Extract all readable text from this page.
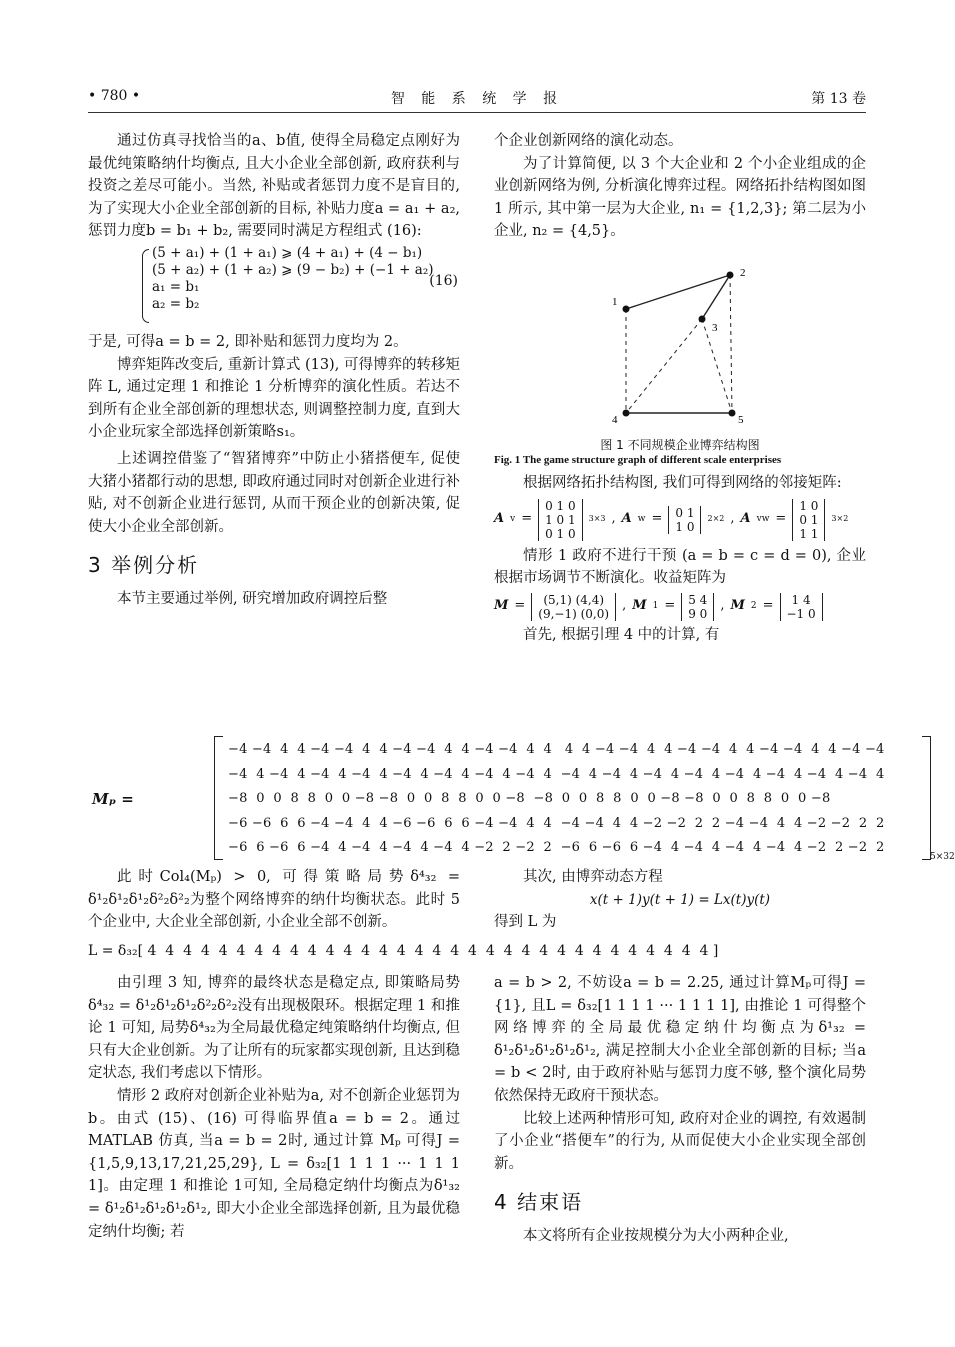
• 780 •	智 能 系 统 学 报	第 13 卷

通过仿真寻找恰当的a、b值, 使得全局稳定点刚好为最优纯策略纳什均衡点, 且大小企业全部创新, 政府获利与投资之差尽可能小。当然, 补贴或者惩罚力度不是盲目的, 为了实现大小企业全部创新的目标, 补贴力度a = a₁ + a₂, 惩罚力度b = b₁ + b₂, 需要同时满足方程组式 (16):

(5 + a₁) + (1 + a₁) ⩾ (4 + a₁) + (4 − b₁)
(5 + a₂) + (1 + a₂) ⩾ (9 − b₂) + (−1 + a₂)
a₁ = b₁
a₂ = b₂
(16)

于是, 可得a = b = 2, 即补贴和惩罚力度均为 2。

博弈矩阵改变后, 重新计算式 (13), 可得博弈的转移矩阵 L, 通过定理 1 和推论 1 分析博弈的演化性质。若达不到所有企业全部创新的理想状态, 则调整控制力度, 直到大小企业玩家全部选择创新策略s₁。

上述调控借鉴了“智猪博弈”中防止小猪搭便车, 促使大猪小猪都行动的思想, 即政府通过同时对创新企业进行补贴, 对不创新企业进行惩罚, 从而干预企业的创新决策, 促使大小企业全部创新。

3 举例分析

本节主要通过举例, 研究增加政府调控后整

个企业创新网络的演化动态。

为了计算简便, 以 3 个大企业和 2 个小企业组成的企业创新网络为例, 分析演化博弈过程。网络拓扑结构图如图 1 所示, 其中第一层为大企业, n₁ = {1,2,3}; 第二层为小企业, n₂ = {4,5}。

1
2
3
4	5
图 1 不同规模企业博弈结构图
Fig. 1 The game structure graph of different scale enterprises

根据网络拓扑结构图, 我们可得到网络的邻接矩阵:

A v =
0 1 0
1 0 1
0 1 0
3×3 , A w = 0 1
1 0
2×2 , A vw =
1 0
0 1
1 1
3×2

情形 1 政府不进行干预 (a = b = c = d = 0), 企业根据市场调节不断演化。收益矩阵为

M =	(5,1) (4,4)
(9,−1) (0,0)
, M 1 = 5 4
9 0
, M 2 =	1 4
−1 0

首先, 根据引理 4 中的计算, 有

Mₚ =
−4 −4  4  4 −4 −4  4  4 −4 −4  4  4 −4 −4  4  4   4  4 −4 −4  4  4 −4 −4  4  4 −4 −4  4  4 −4 −4
−4  4 −4  4 −4  4 −4  4 −4  4 −4  4 −4  4 −4  4  −4  4 −4  4 −4  4 −4  4 −4  4 −4  4 −4  4 −4  4
−8  0  0  8  8  0  0 −8 −8  0  0  8  8  0  0 −8  −8  0  0  8  8  0  0 −8 −8  0  0  8  8  0  0 −8
−6 −6  6  6 −4 −4  4  4 −6 −6  6  6 −4 −4  4  4  −4 −4  4  4 −2 −2  2  2 −4 −4  4  4 −2 −2  2  2
−6  6 −6  6 −4  4 −4  4 −4  4 −4  4 −2  2 −2  2  −6  6 −6  6 −4  4 −4  4 −4  4 −4  4 −2  2 −2  2
5×32

此时Col₄(Mₚ) > 0, 可得策略局势δ⁴₃₂ = δ¹₂δ¹₂δ¹₂δ²₂δ²₂为整个网络博弈的纳什均衡状态。此时 5 个企业中, 大企业全部创新, 小企业全部不创新。

其次, 由博弈动态方程

x(t + 1)y(t + 1) = Lx(t)y(t)

得到 L 为

L = δ₃₂[ 4  4  4  4  4  4  4  4  4  4  4  4  4  4  4  4  4  4  4  4  4  4  4  4  4  4  4  4  4  4  4  4 ]

由引理 3 知, 博弈的最终状态是稳定点, 即策略局势δ⁴₃₂ = δ¹₂δ¹₂δ¹₂δ²₂δ²₂没有出现极限环。根据定理 1 和推论 1 可知, 局势δ⁴₃₂为全局最优稳定纯策略纳什均衡点, 但只有大企业创新。为了让所有的玩家都实现创新, 且达到稳定状态, 我们考虑以下情形。

情形 2 政府对创新企业补贴为a, 对不创新企业惩罚为b。由式 (15)、(16) 可得临界值a = b = 2。通过 MATLAB 仿真, 当a = b = 2时, 通过计算 Mₚ 可得J = {1,5,9,13,17,21,25,29}, L = δ₃₂[1 1 1 1 ··· 1 1 1 1]。由定理 1 和推论 1可知, 全局稳定纳什均衡点为δ¹₃₂ = δ¹₂δ¹₂δ¹₂δ¹₂δ¹₂, 即大小企业全部选择创新, 且为最优稳定纳什均衡; 若

a = b > 2, 不妨设a = b = 2.25, 通过计算Mₚ可得J = {1}, 且L = δ₃₂[1 1 1 1 ··· 1 1 1 1], 由推论 1 可得整个网络博弈的全局最优稳定纳什均衡点为δ¹₃₂ = δ¹₂δ¹₂δ¹₂δ¹₂δ¹₂, 满足控制大小企业全部创新的目标; 当a = b < 2时, 由于政府补贴与惩罚力度不够, 整个演化局势依然保持无政府干预状态。

比较上述两种情形可知, 政府对企业的调控, 有效遏制了小企业“搭便车”的行为, 从而促使大小企业实现全部创新。

4 结束语

本文将所有企业按规模分为大小两种企业,
